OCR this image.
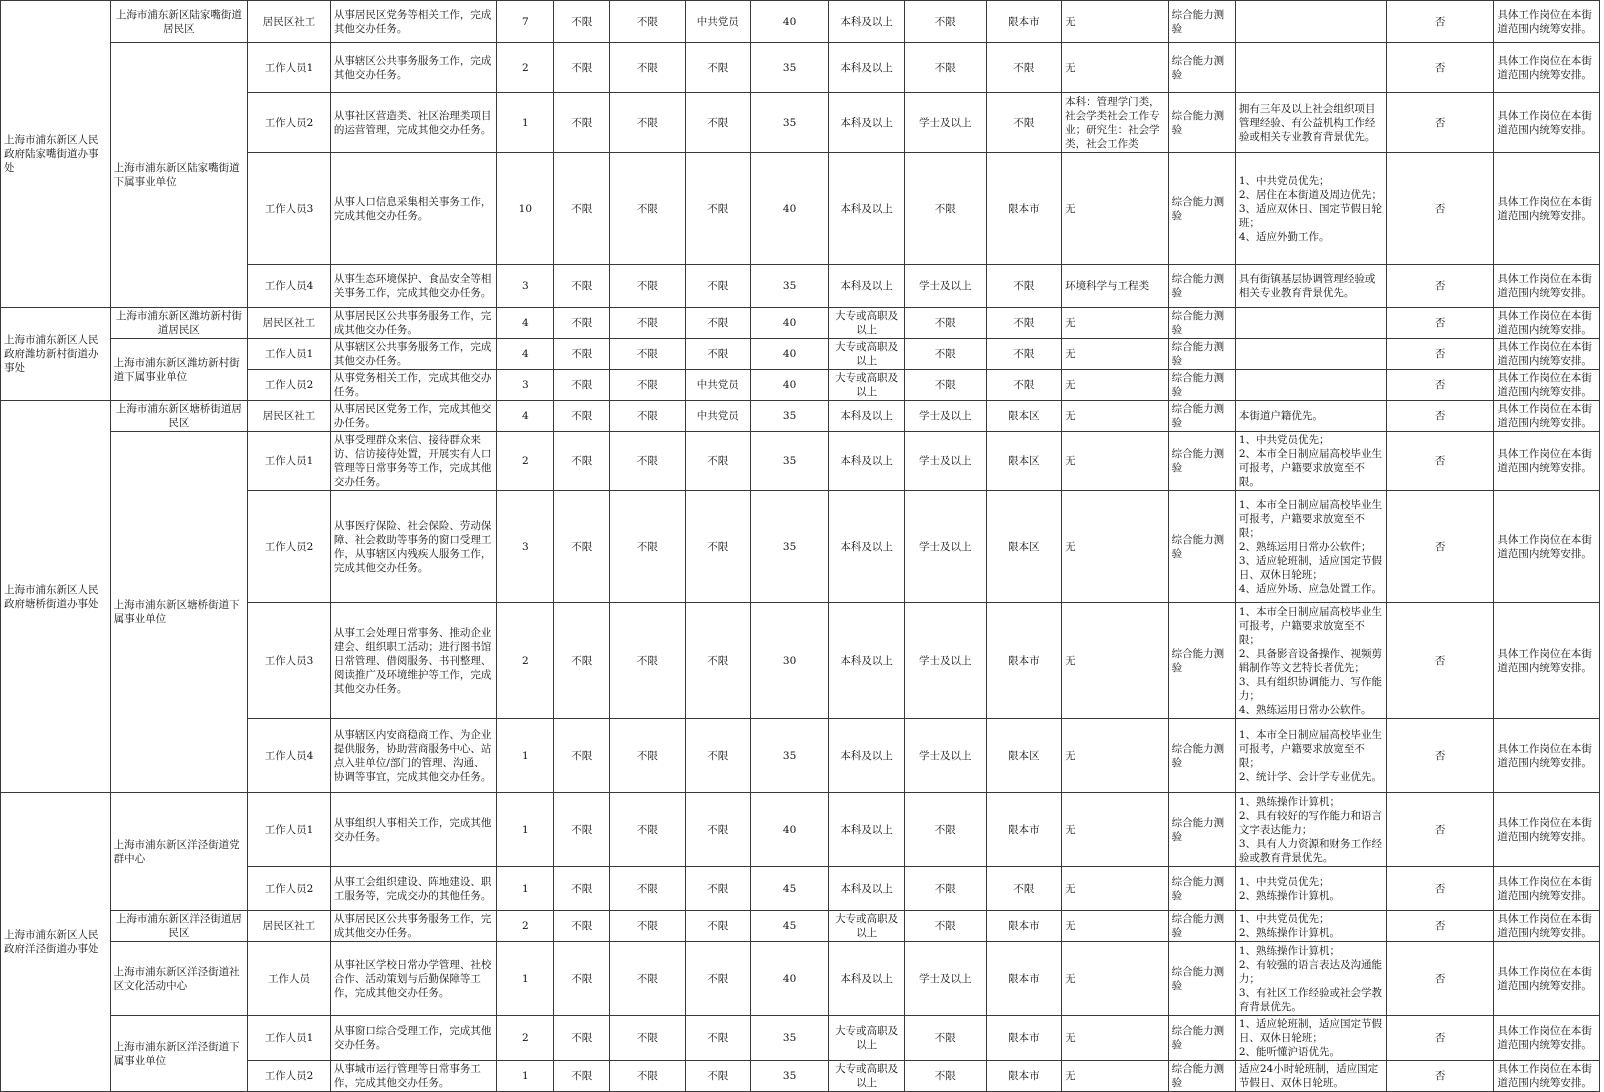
上海市浦东新区人民政府陆家嘴街道办事处	上海市浦东新区陆家嘴街道居民区	居民区社工	从事居民区党务等相关工作，完成其他交办任务。	7	不限	不限	中共党员	40	本科及以上	不限	限本市	无	综合能力测验		否	具体工作岗位在本街道范围内统筹安排。
	上海市浦东新区陆家嘴街道下属事业单位	工作人员1	从事辖区公共事务服务工作，完成其他交办任务。	2	不限	不限	不限	35	本科及以上	不限	不限	无	综合能力测验		否	具体工作岗位在本街道范围内统筹安排。
		工作人员2	从事社区营造类、社区治理类项目的运营管理，完成其他交办任务。	1	不限	不限	不限	35	本科及以上	学士及以上	不限	本科：管理学门类，社会学类社会工作专业；研究生：社会学类，社会工作类	综合能力测验	拥有三年及以上社会组织项目管理经验、有公益机构工作经验或相关专业教育背景优先。	否	具体工作岗位在本街道范围内统筹安排。
		工作人员3	从事人口信息采集相关事务工作，完成其他交办任务。	10	不限	不限	不限	40	本科及以上	不限	限本市	无	综合能力测验	1、中共党员优先；
2、居住在本街道及周边优先；
3、适应双休日、国定节假日轮班；
4、适应外勤工作。	否	具体工作岗位在本街道范围内统筹安排。
		工作人员4	从事生态环境保护、食品安全等相关事务工作，完成其他交办任务。	3	不限	不限	不限	35	本科及以上	学士及以上	不限	环境科学与工程类	综合能力测验	具有街镇基层协调管理经验或相关专业教育背景优先。	否	具体工作岗位在本街道范围内统筹安排。
上海市浦东新区人民政府潍坊新村街道办事处	上海市浦东新区潍坊新村街道居民区	居民区社工	从事居民区公共事务服务工作，完成其他交办任务。	4	不限	不限	不限	40	大专或高职及以上	不限	不限	无	综合能力测验		否	具体工作岗位在本街道范围内统筹安排。
	上海市浦东新区潍坊新村街道下属事业单位	工作人员1	从事辖区公共事务服务工作，完成其他交办任务。	4	不限	不限	不限	40	大专或高职及以上	不限	不限	无	综合能力测验		否	具体工作岗位在本街道范围内统筹安排。
		工作人员2	从事党务相关工作，完成其他交办任务。	3	不限	不限	中共党员	40	大专或高职及以上	不限	不限	无	综合能力测验		否	具体工作岗位在本街道范围内统筹安排。
上海市浦东新区人民政府塘桥街道办事处	上海市浦东新区塘桥街道居民区	居民区社工	从事居民区党务工作，完成其他交办任务。	4	不限	不限	中共党员	35	本科及以上	学士及以上	限本区	无	综合能力测验	本街道户籍优先。	否	具体工作岗位在本街道范围内统筹安排。
	上海市浦东新区塘桥街道下属事业单位	工作人员1	从事受理群众来信、接待群众来访、信访接待处置，开展实有人口管理等日常事务等工作，完成其他交办任务。	2	不限	不限	不限	35	本科及以上	学士及以上	限本区	无	综合能力测验	1、中共党员优先；
2、本市全日制应届高校毕业生可报考，户籍要求放宽至不限。	否	具体工作岗位在本街道范围内统筹安排。
		工作人员2	从事医疗保险、社会保险、劳动保障、社会救助等事务的窗口受理工作，从事辖区内残疾人服务工作，完成其他交办任务。	3	不限	不限	不限	35	本科及以上	学士及以上	限本区	无	综合能力测验	1、本市全日制应届高校毕业生可报考，户籍要求放宽至不限；
2、熟练运用日常办公软件；
3、适应轮班制，适应国定节假日、双休日轮班；
4、适应外场、应急处置工作。	否	具体工作岗位在本街道范围内统筹安排。
		工作人员3	从事工会处理日常事务、推动企业建会、组织职工活动；进行图书馆日常管理、借阅服务、书刊整理、阅读推广及环境维护等工作，完成其他交办任务。	2	不限	不限	不限	30	本科及以上	学士及以上	限本市	无	综合能力测验	1、本市全日制应届高校毕业生可报考，户籍要求放宽至不限；
2、具备影音设备操作、视频剪辑制作等文艺特长者优先；
3、具有组织协调能力、写作能力；
4、熟练运用日常办公软件。	否	具体工作岗位在本街道范围内统筹安排。
		工作人员4	从事辖区内安商稳商工作、为企业提供服务，协助营商服务中心、站点入驻单位/部门的管理、沟通、协调等事宜，完成其他交办任务。	1	不限	不限	不限	35	本科及以上	学士及以上	限本区	无	综合能力测验	1、本市全日制应届高校毕业生可报考，户籍要求放宽至不限；
2、统计学、会计学专业优先。	否	具体工作岗位在本街道范围内统筹安排。
上海市浦东新区人民政府洋泾街道办事处	上海市浦东新区洋泾街道党群中心	工作人员1	从事组织人事相关工作，完成其他交办任务。	1	不限	不限	不限	40	本科及以上	不限	限本市	无	综合能力测验	1、熟练操作计算机；
2、具有较好的写作能力和语言文字表达能力；
3、具有人力资源和财务工作经验或教育背景优先。	否	具体工作岗位在本街道范围内统筹安排。
		工作人员2	从事工会组织建设、阵地建设、职工服务等，完成交办的其他任务。	1	不限	不限	不限	45	本科及以上	不限	不限	无	综合能力测验	1、中共党员优先；
2、熟练操作计算机。	否	具体工作岗位在本街道范围内统筹安排。
	上海市浦东新区洋泾街道居民区	居民区社工	从事居民区公共事务服务工作，完成其他交办任务。	2	不限	不限	不限	45	大专或高职及以上	不限	限本市	无	综合能力测验	1、中共党员优先；
2、熟练操作计算机。	否	具体工作岗位在本街道范围内统筹安排。
	上海市浦东新区洋泾街道社区文化活动中心	工作人员	从事社区学校日常办学管理、社校合作、活动策划与后勤保障等工作，完成其他交办任务。	1	不限	不限	不限	40	本科及以上	学士及以上	限本市	无	综合能力测验	1、熟练操作计算机；
2、有较强的语言表达及沟通能力；
3、有社区工作经验或社会学教育背景优先。	否	具体工作岗位在本街道范围内统筹安排。
	上海市浦东新区洋泾街道下属事业单位	工作人员1	从事窗口综合受理工作，完成其他交办任务。	2	不限	不限	不限	35	大专或高职及以上	不限	限本市	无	综合能力测验	1、适应轮班制，适应国定节假日、双休日轮班；
2、能听懂沪语优先。	否	具体工作岗位在本街道范围内统筹安排。
		工作人员2	从事城市运行管理等日常事务工作，完成其他交办任务。	1	不限	不限	不限	35	大专或高职及以上	不限	限本市	无	综合能力测验	适应24小时轮班制，适应国定节假日、双休日轮班。	否	具体工作岗位在本街道范围内统筹安排。
